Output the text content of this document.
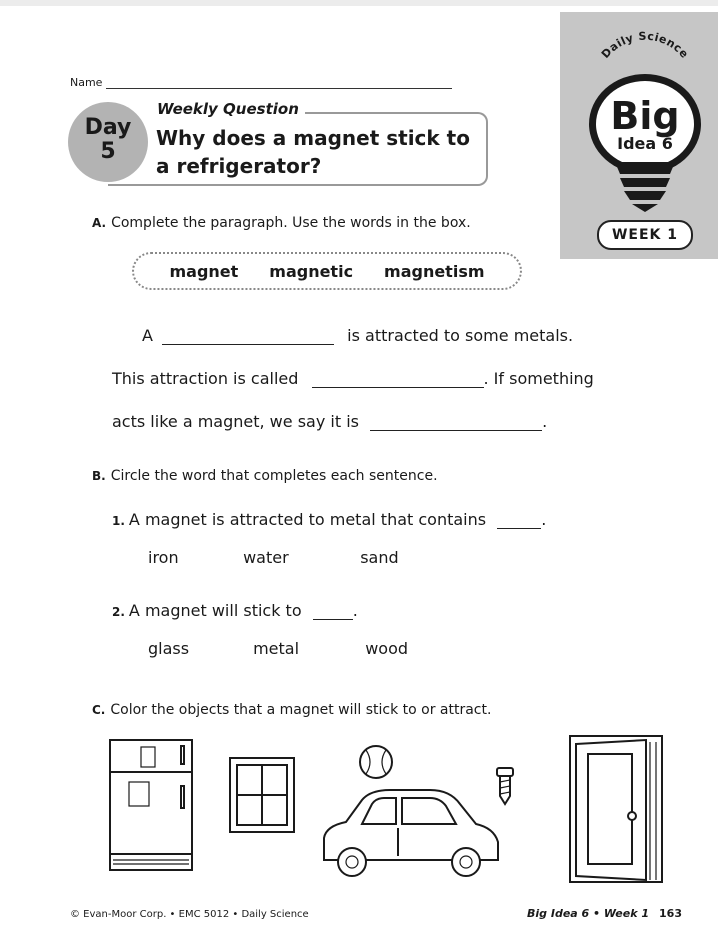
Name
Weekly Question
Day
5
Why does a magnet stick to a refrigerator?
Daily Science
Big
Idea 6
WEEK 1
A. Complete the paragraph. Use the words in the box.
magnet magnetic magnetism
A	is attracted to some metals.
This attraction is called	. If something
acts like a magnet, we say it is	.
B. Circle the word that completes each sentence.
1. A magnet is attracted to metal that contains	.
iron	water	sand
2. A magnet will stick to	.
glass	metal	wood
C. Color the objects that a magnet will stick to or attract.
© Evan-Moor Corp. • EMC 5012 • Daily Science	Big Idea 6 • Week 1 163
